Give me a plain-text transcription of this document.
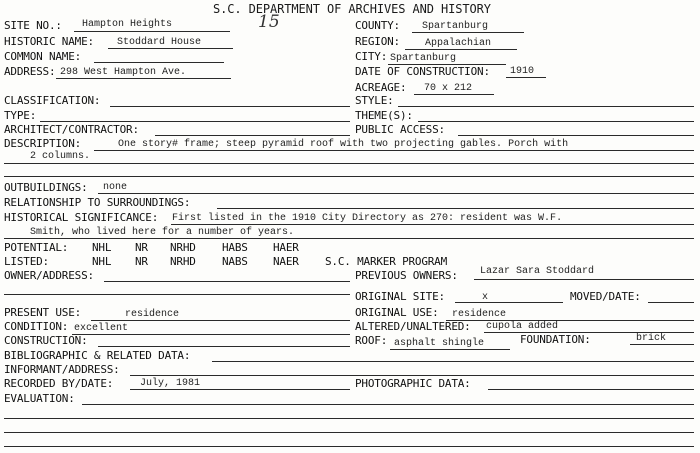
S.C. DEPARTMENT OF ARCHIVES AND HISTORY
15
SITE NO.: Hampton Heights	COUNTY: Spartanburg
HISTORIC NAME: Stoddard House	REGION:	Appalachian
COMMON NAME:	CITY: Spartanburg
ADDRESS: 298 West Hampton Ave.	DATE OF CONSTRUCTION: 1910
ACREAGE: 70 x 212
CLASSIFICATION:	STYLE:
TYPE:	THEME(S):
ARCHITECT/CONTRACTOR:	PUBLIC ACCESS:
DESCRIPTION:	One story# frame; steep pyramid roof with two projecting gables. Porch with
2 columns.
OUTBUILDINGS: none
RELATIONSHIP TO SURROUNDINGS:
HISTORICAL SIGNIFICANCE: First listed in the 1910 City Directory as 270: resident was W.F.
Smith, who lived here for a number of years.
POTENTIAL: NHL NR NRHD HABS HAER
LISTED:	NHL NR NRHD NABS NAER S.C. MARKER PROGRAM
OWNER/ADDRESS:	PREVIOUS OWNERS: Lazar Sara Stoddard
ORIGINAL SITE:	x	MOVED/DATE:
PRESENT USE:	residence	ORIGINAL USE: residence
CONDITION: excellent	ALTERED/UNALTERED: cupola added
CONSTRUCTION:	ROOF: asphalt shingle	FOUNDATION:	brick
BIBLIOGRAPHIC & RELATED DATA:
INFORMANT/ADDRESS:
RECORDED BY/DATE:	July, 1981	PHOTOGRAPHIC DATA:
EVALUATION:
